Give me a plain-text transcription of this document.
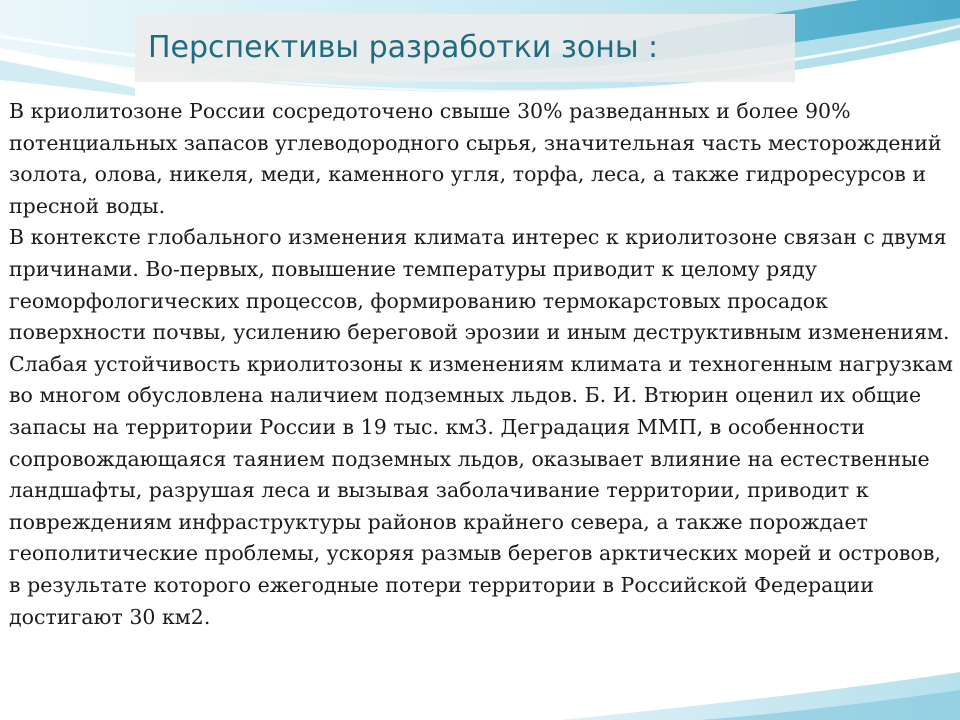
Перспективы разработки зоны :

В криолитозоне России сосредоточено свыше 30% разведанных и более 90% потенциальных запасов углеводородного сырья, значительная часть месторождений золота, олова, никеля, меди, каменного угля, торфа, леса, а также гидроресурсов и пресной воды.

В контексте глобального изменения климата интерес к криолитозоне связан с двумя причинами. Во-первых, повышение температуры приводит к целому ряду геоморфологических процессов, формированию термокарстовых просадок поверхности почвы, усилению береговой эрозии и иным деструктивным изменениям. Слабая устойчивость криолитозоны к изменениям климата и техногенным нагрузкам во многом обусловлена наличием подземных льдов. Б. И. Втюрин оценил их общие запасы на территории России в 19 тыс. км3. Деградация ММП, в особенности сопровождающаяся таянием подземных льдов, оказывает влияние на естественные ландшафты, разрушая леса и вызывая заболачивание территории, приводит к повреждениям инфраструктуры районов крайнего севера, а также порождает геополитические проблемы, ускоряя размыв берегов арктических морей и островов, в результате которого ежегодные потери территории в Российской Федерации достигают 30 км2.
